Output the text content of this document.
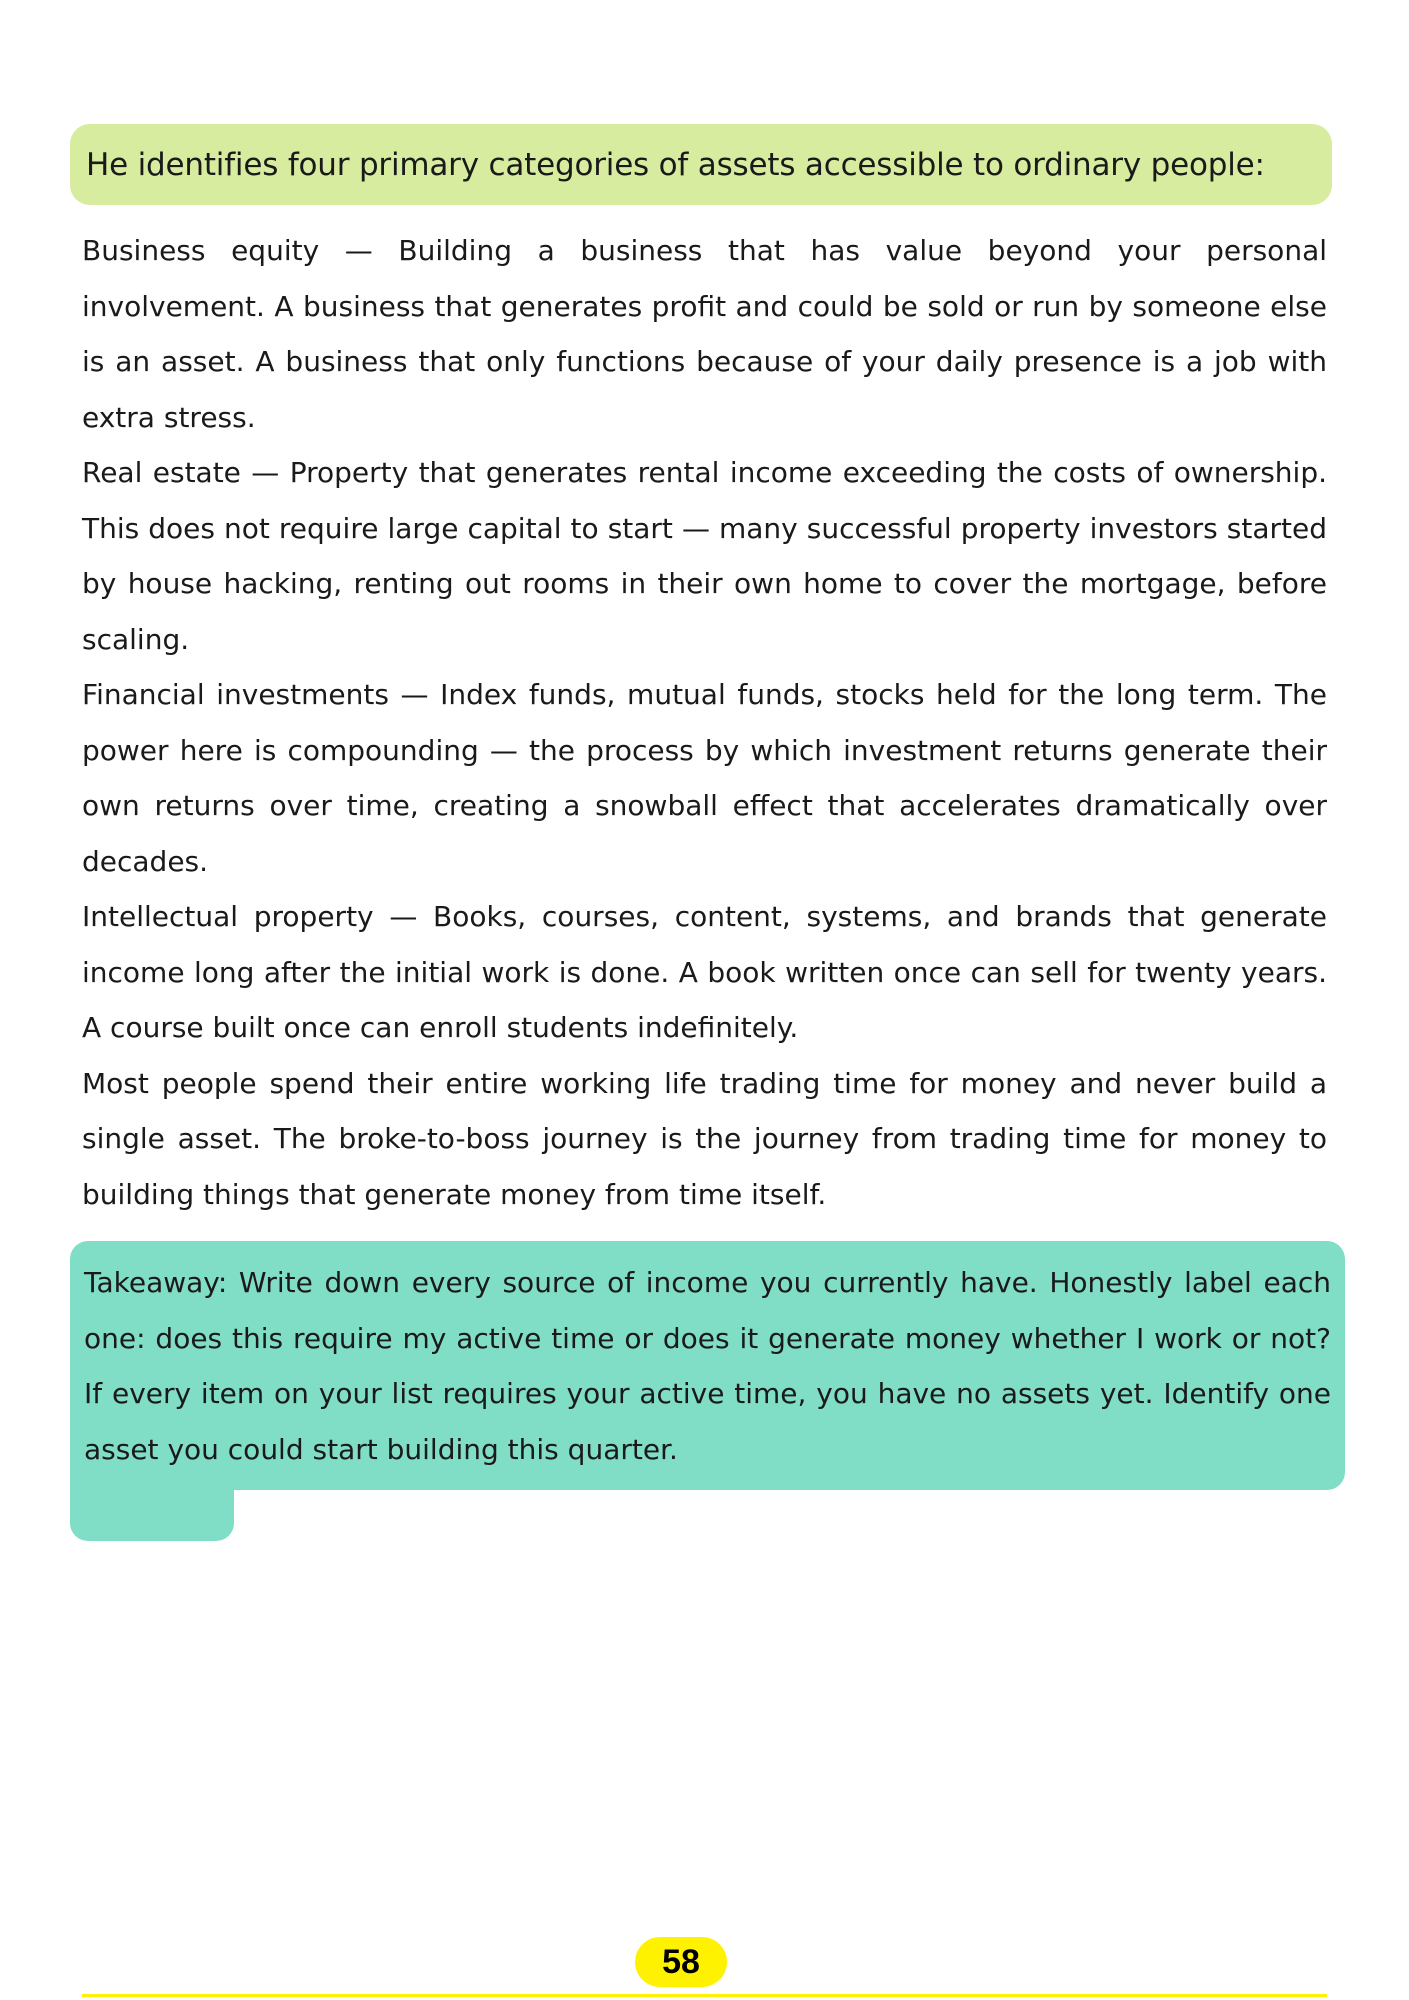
He identifies four primary categories of assets accessible to ordinary people:

Business equity — Building a business that has value beyond your personal involvement. A business that generates profit and could be sold or run by someone else is an asset. A business that only functions because of your daily presence is a job with extra stress.

Real estate — Property that generates rental income exceeding the costs of ownership. This does not require large capital to start — many successful property investors started by house hacking, renting out rooms in their own home to cover the mortgage, before scaling.

Financial investments — Index funds, mutual funds, stocks held for the long term. The power here is compounding — the process by which investment returns generate their own returns over time, creating a snowball effect that accelerates dramatically over decades.

Intellectual property — Books, courses, content, systems, and brands that generate income long after the initial work is done. A book written once can sell for twenty years. A course built once can enroll students indefinitely.

Most people spend their entire working life trading time for money and never build a single asset. The broke-to-boss journey is the journey from trading time for money to building things that generate money from time itself.

Takeaway: Write down every source of income you currently have. Honestly label each one: does this require my active time or does it generate money whether I work or not? If every item on your list requires your active time, you have no assets yet. Identify one asset you could start building this quarter.
58
